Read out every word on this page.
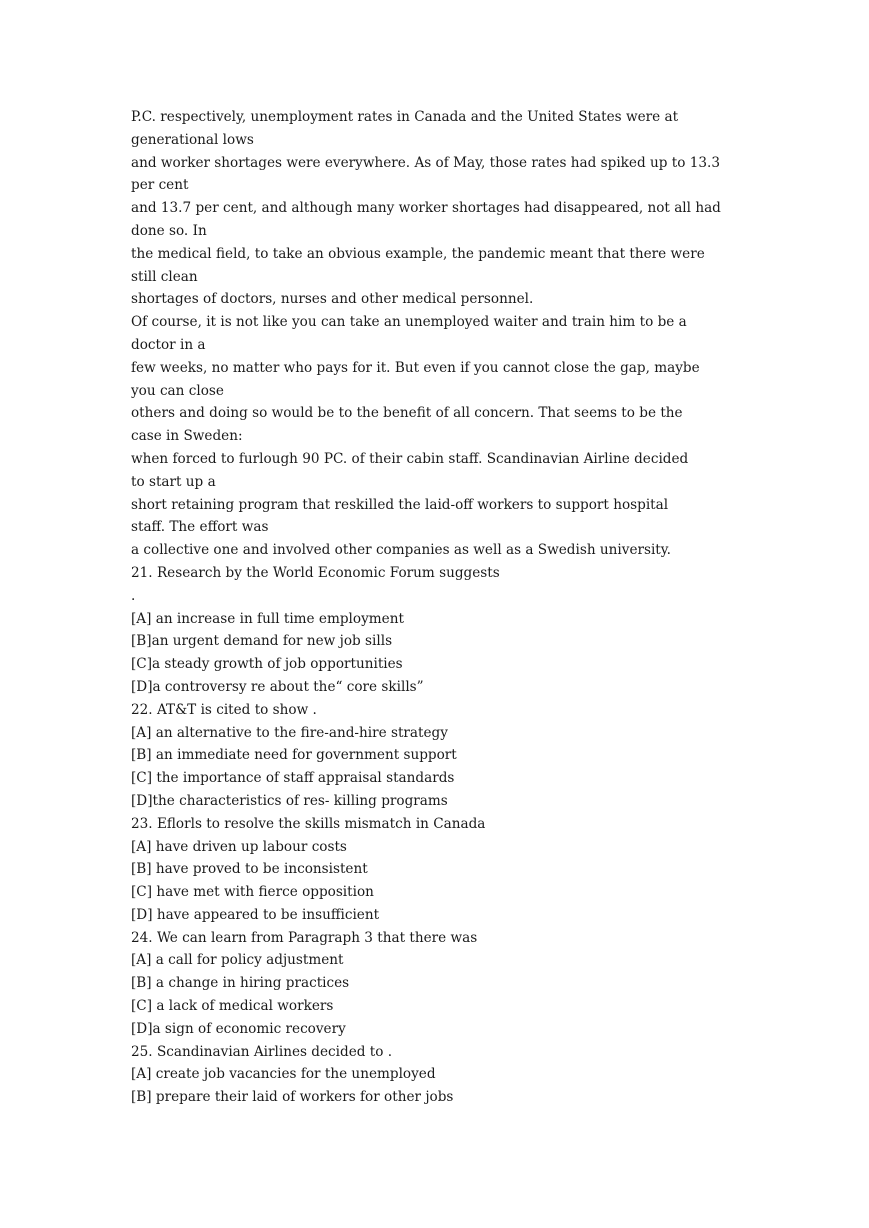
P.C. respectively, unemployment rates in Canada and the United States were at
generational lows
and worker shortages were everywhere. As of May, those rates had spiked up to 13.3
per cent
and 13.7 per cent, and although many worker shortages had disappeared, not all had
done so. In
the medical field, to take an obvious example, the pandemic meant that there were
still clean
shortages of doctors, nurses and other medical personnel.
Of course, it is not like you can take an unemployed waiter and train him to be a
doctor in a
few weeks, no matter who pays for it. But even if you cannot close the gap, maybe
you can close
others and doing so would be to the benefit of all concern. That seems to be the
case in Sweden:
when forced to furlough 90 PC. of their cabin staff. Scandinavian Airline decided
to start up a
short retaining program that reskilled the laid-off workers to support hospital
staff. The effort was
a collective one and involved other companies as well as a Swedish university.
21. Research by the World Economic Forum suggests
.
[A] an increase in full time employment
[B]an urgent demand for new job sills
[C]a steady growth of job opportunities
[D]a controversy re about the“ core skills”
22. AT&T is cited to show .
[A] an alternative to the fire-and-hire strategy
[B] an immediate need for government support
[C] the importance of staff appraisal standards
[D]the characteristics of res- killing programs
23. Eflorls to resolve the skills mismatch in Canada
[A] have driven up labour costs
[B] have proved to be inconsistent
[C] have met with fierce opposition
[D] have appeared to be insufficient
24. We can learn from Paragraph 3 that there was
[A] a call for policy adjustment
[B] a change in hiring practices
[C] a lack of medical workers
[D]a sign of economic recovery
25. Scandinavian Airlines decided to .
[A] create job vacancies for the unemployed
[B] prepare their laid of workers for other jobs
